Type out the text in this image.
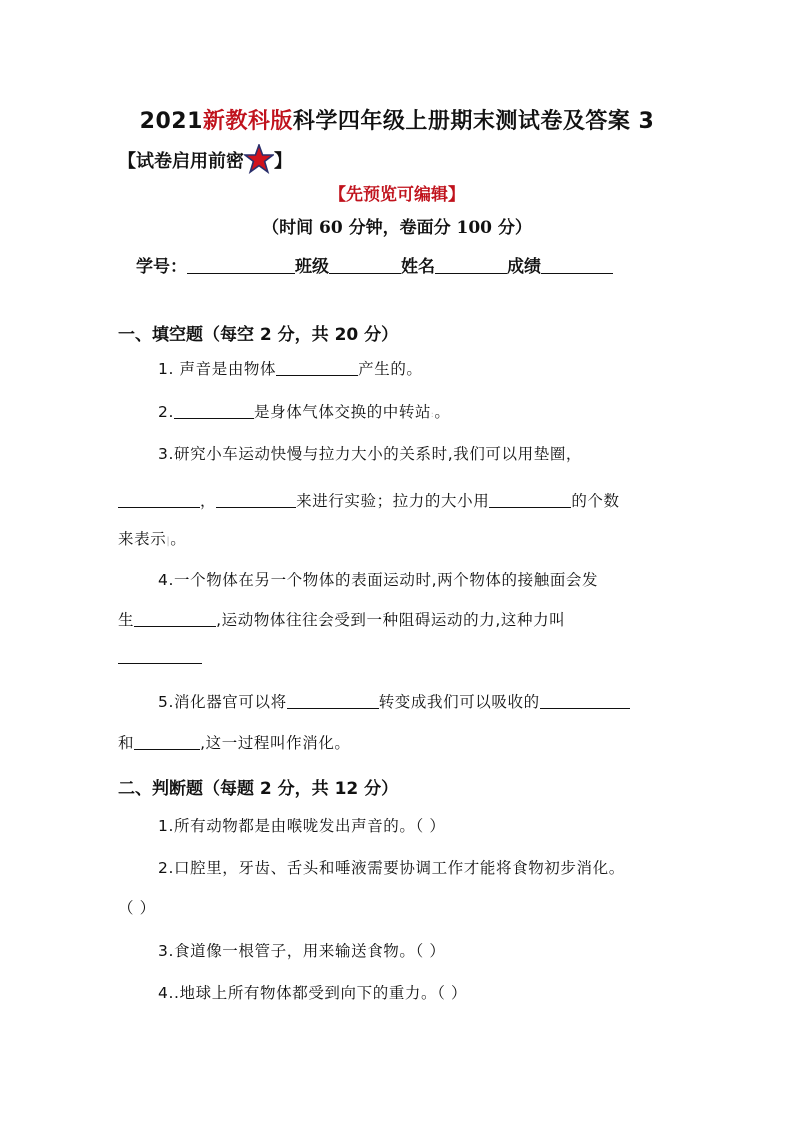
2021新教科版科学四年级上册期末测试卷及答案 3
【试卷启用前密 】
【先预览可编辑】
（时间 60 分钟，卷面分 100 分）
学号：	班级	姓名	成绩
一、填空题（每空 2 分，共 20 分）
1. 声音是由物体	产生的。
2.	是身体气体交换的中转站ː。
3.研究小车运动快慢与拉力大小的关系时,我们可以用垫圈，
，	来进行实验；拉力的大小用	的个数
来表示|。
4.一个物体在另一个物体的表面运动时,两个物体的接触面会发
生	,运动物体往往会受到一种阻碍运动的力,这种力叫
5.消化器官可以将	转变成我们可以吸收的
和	,这一过程叫作消化。
二、判断题（每题 2 分，共 12 分）
1.所有动物都是由喉咙发出声音的。（ ）
2.口腔里，牙齿、舌头和唾液需要协调工作才能将食物初步消化。
（ ）
3.食道像一根管子，用来输送食物。（ ）
4..地球上所有物体都受到向下的重力。（ ）
